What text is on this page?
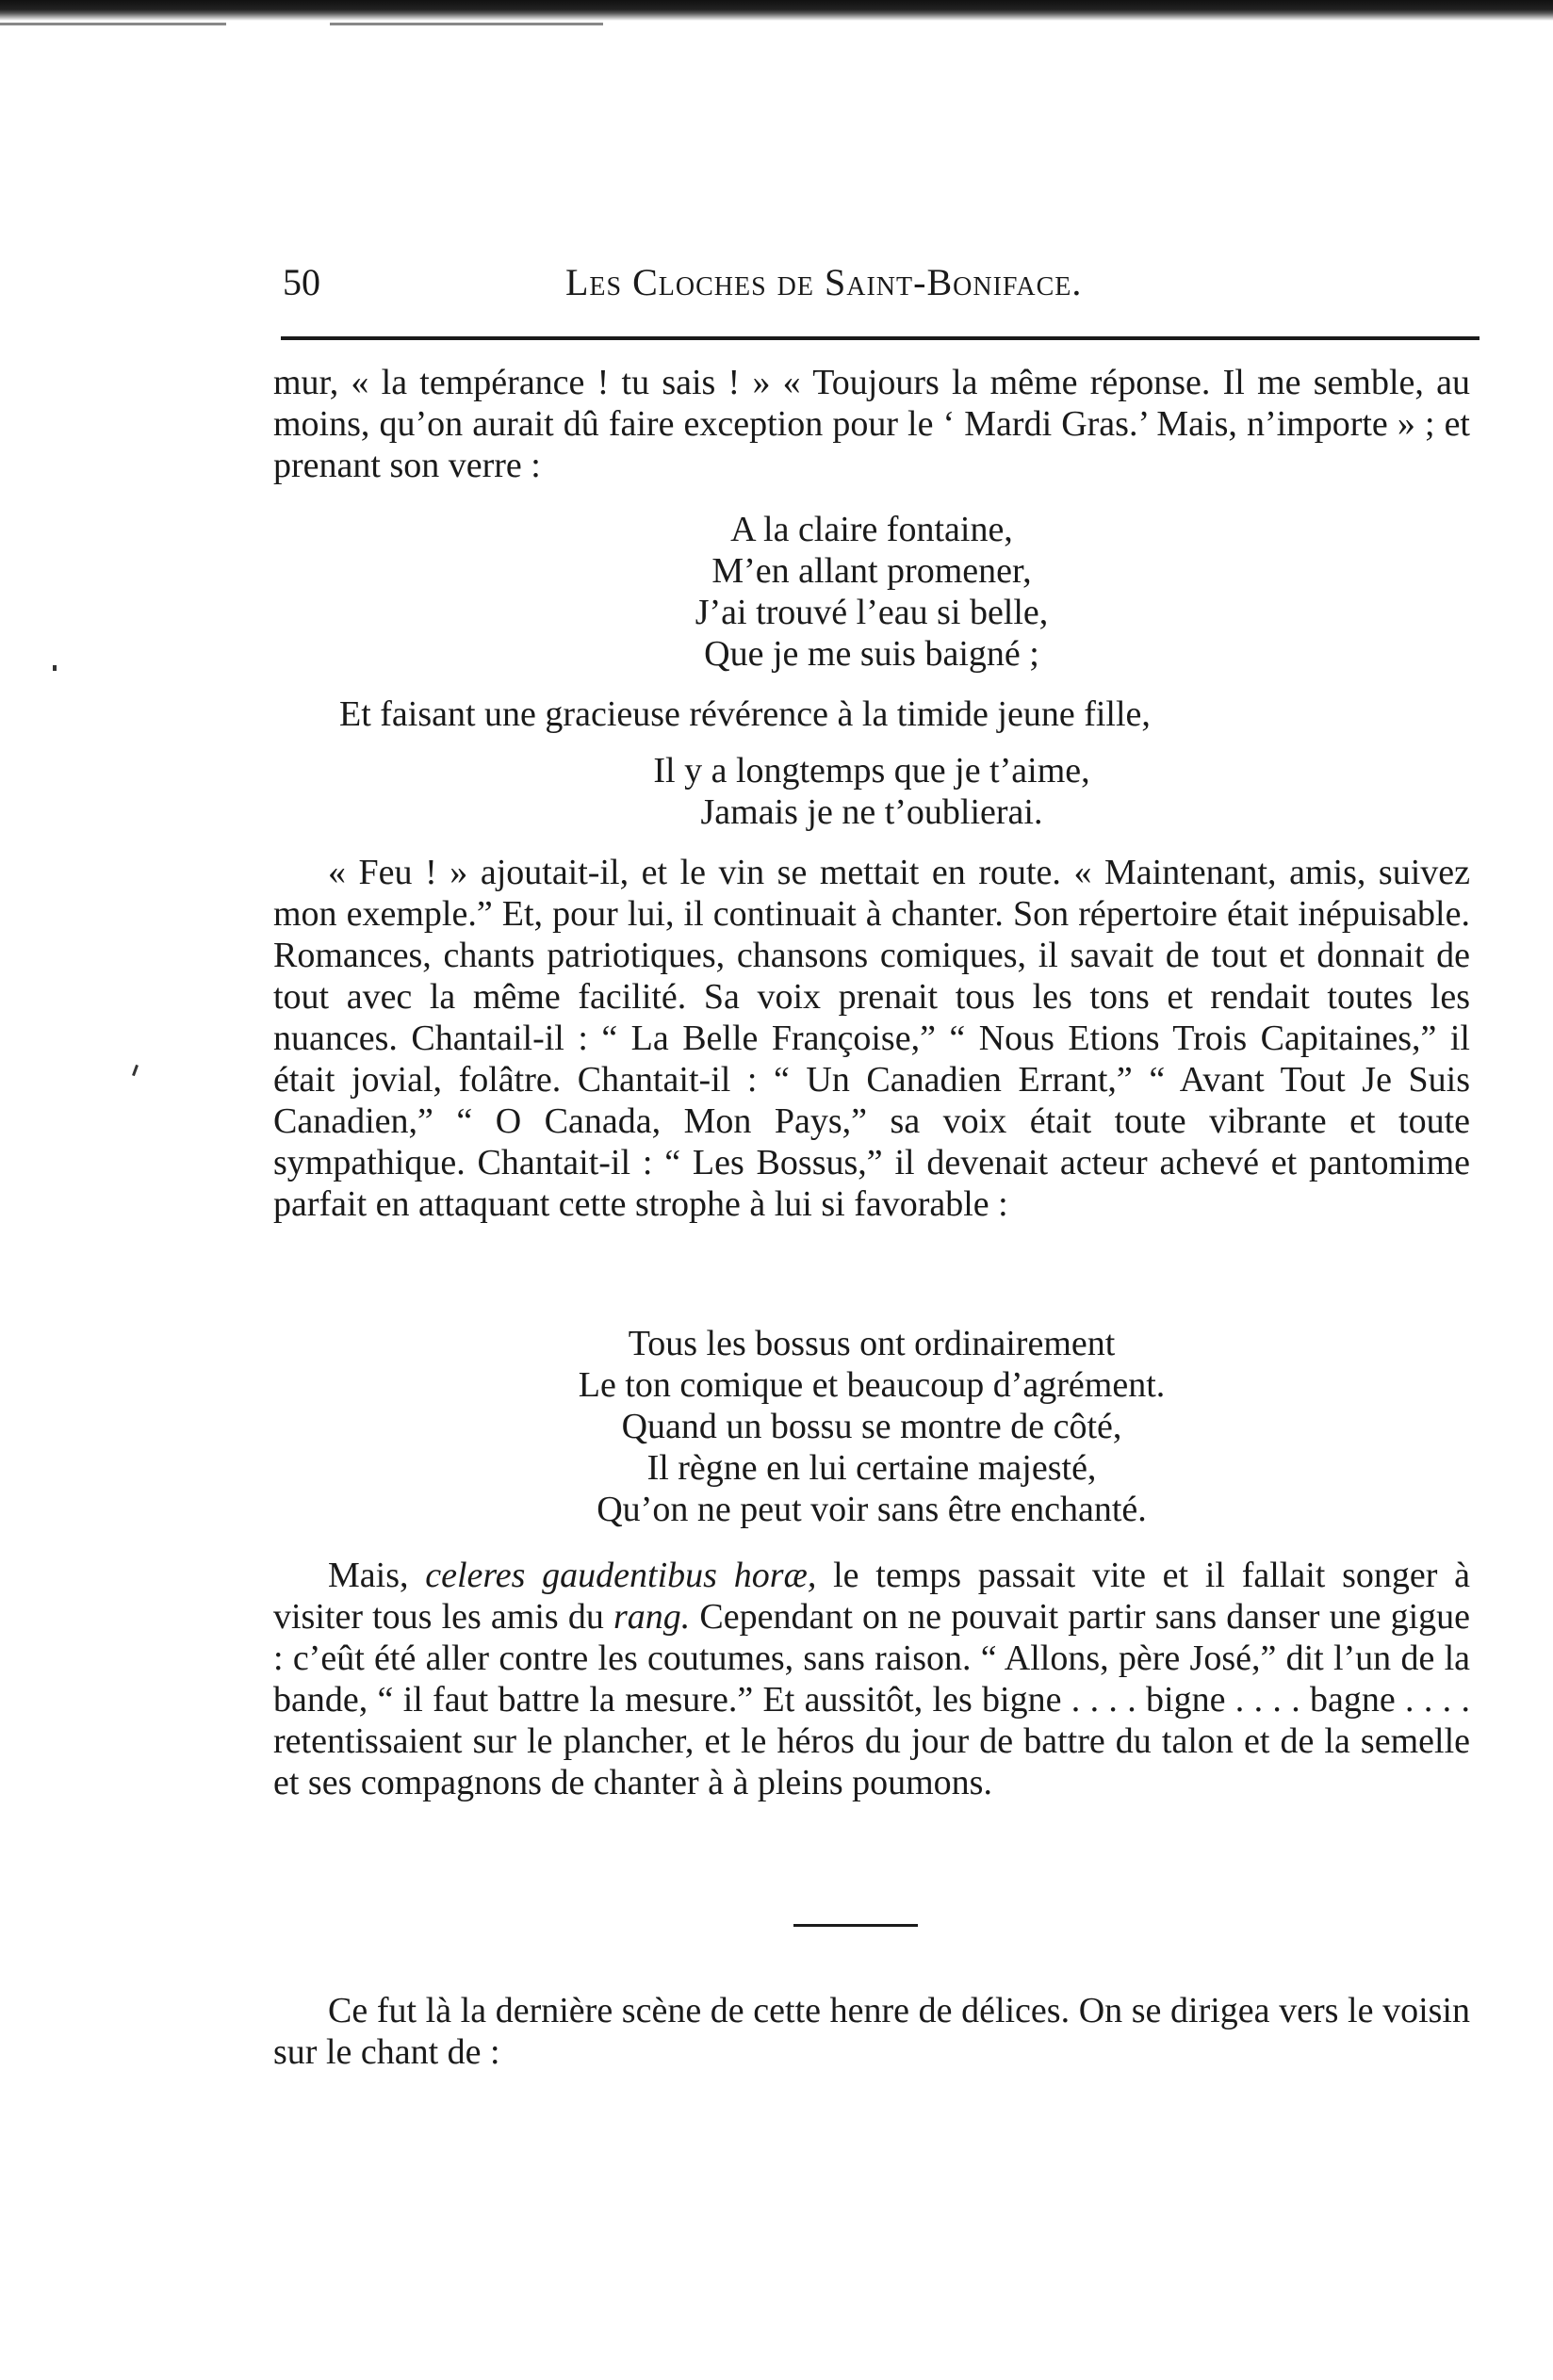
50	Les Cloches de Saint-Boniface.

mur, « la tempérance ! tu sais ! » « Toujours la même réponse. Il me semble, au moins, qu’on aurait dû faire exception pour le ‘ Mardi Gras.’ Mais, n’importe » ; et prenant son verre :

A la claire fontaine,
M’en allant promener,
J’ai trouvé l’eau si belle,
Que je me suis baigné ;

Et faisant une gracieuse révérence à la timide jeune fille,

Il y a longtemps que je t’aime,
Jamais je ne t’oublierai.

« Feu ! » ajoutait-il, et le vin se mettait en route. « Maintenant, amis, suivez mon exemple.” Et, pour lui, il continuait à chanter. Son répertoire était inépuisable. Romances, chants patriotiques, chansons comiques, il savait de tout et donnait de tout avec la même facilité. Sa voix prenait tous les tons et rendait toutes les nuances. Chantail-il : “ La Belle Françoise,” “ Nous Etions Trois Capitaines,” il était jovial, folâtre. Chantait-il : “ Un Canadien Errant,” “ Avant Tout Je Suis Canadien,” “ O Canada, Mon Pays,” sa voix était toute vibrante et toute sympathique. Chantait-il : “ Les Bossus,” il devenait acteur achevé et pantomime parfait en attaquant cette strophe à lui si favorable :

Tous les bossus ont ordinairement
Le ton comique et beaucoup d’agrément.
Quand un bossu se montre de côté,
Il règne en lui certaine majesté,
Qu’on ne peut voir sans être enchanté.

Mais, celeres gaudentibus horæ, le temps passait vite et il fallait songer à visiter tous les amis du rang. Cependant on ne pouvait partir sans danser une gigue : c’eût été aller contre les coutumes, sans raison. “ Allons, père José,” dit l’un de la bande, “ il faut battre la mesure.” Et aussitôt, les bigne . . . . bigne . . . . bagne . . . . retentissaient sur le plancher, et le héros du jour de battre du talon et de la semelle et ses compagnons de chanter à à pleins poumons.

Ce fut là la dernière scène de cette henre de délices. On se dirigea vers le voisin sur le chant de :
